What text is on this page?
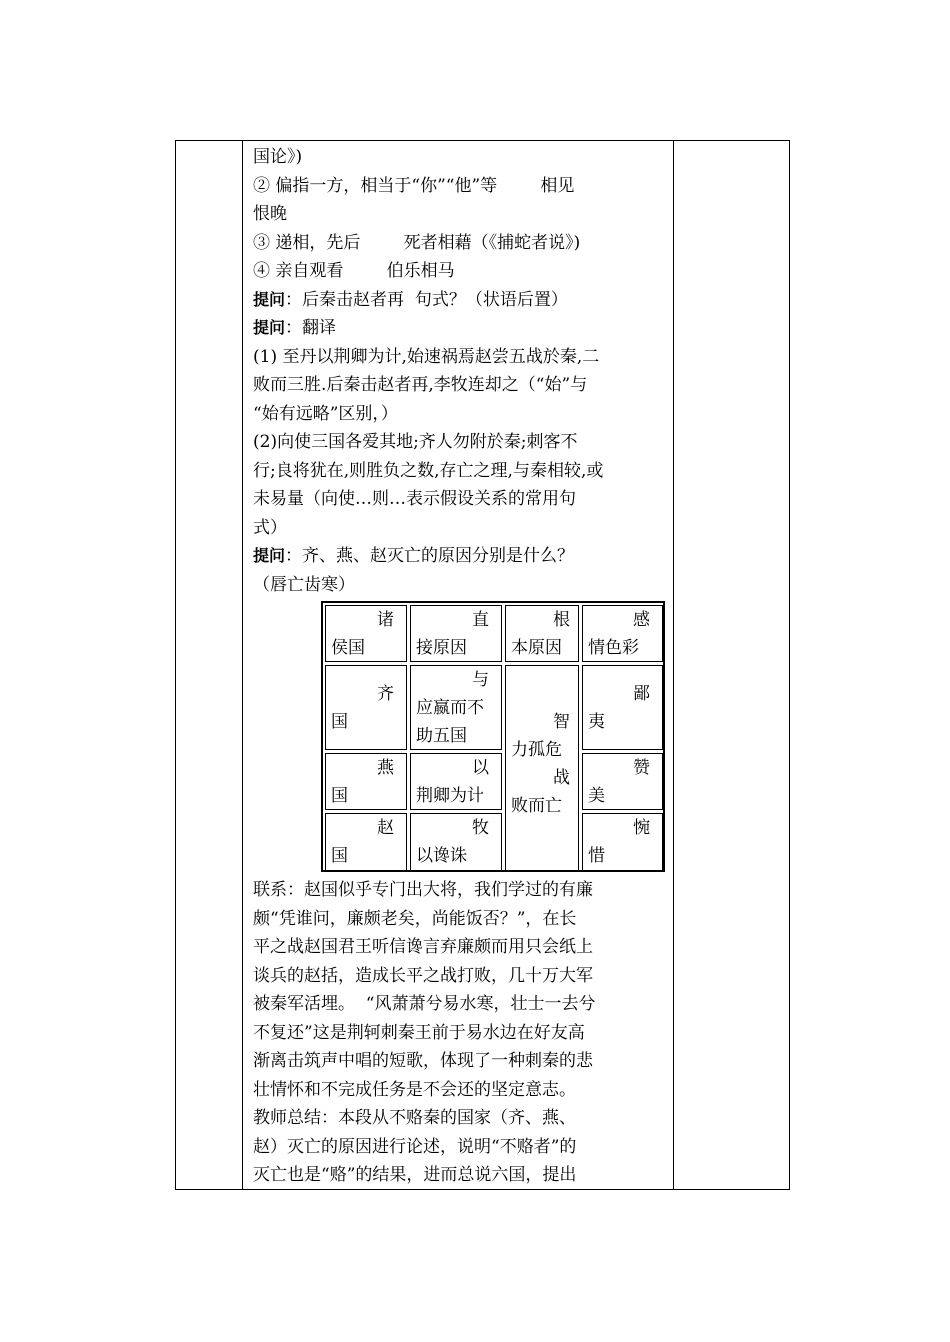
国论》)
② 偏指一方，相当于“你”“他”等        相见
恨晚
③ 递相，先后        死者相藉（《捕蛇者说》)
④ 亲自观看        伯乐相马
提问：后秦击赵者再  句式？（状语后置）
提问：翻译
(1) 至丹以荆卿为计,始速祸焉赵尝五战於秦,二
败而三胜.后秦击赵者再,李牧连却之（“始”与
“始有远略”区别，）
(2)向使三国各爱其地;齐人勿附於秦;刺客不
行;良将犹在,则胜负之数,存亡之理,与秦相较,或
未易量（向使…则…表示假设关系的常用句
式）
提问：齐、燕、赵灭亡的原因分别是什么？
（唇亡齿寒）
诸
侯国
直
接原因
根
本原因
感
情色彩
齐
国
与
应嬴而不
助五国
智
力孤危
战
败而亡
鄙
夷
燕
国
以
荆卿为计
赞
美
赵
国
牧
以谗诛
惋
惜
联系：赵国似乎专门出大将，我们学过的有廉
颇“凭谁问，廉颇老矣，尚能饭否？”，在长
平之战赵国君王听信谗言弃廉颇而用只会纸上
谈兵的赵括，造成长平之战打败，几十万大军
被秦军活埋。  “风萧萧兮易水寒，壮士一去兮
不复还”这是荆轲刺秦王前于易水边在好友高
渐离击筑声中唱的短歌，体现了一种刺秦的悲
壮情怀和不完成任务是不会还的坚定意志。
教师总结：本段从不赂秦的国家（齐、燕、
赵）灭亡的原因进行论述，说明“不赂者”的
灭亡也是“赂”的结果，进而总说六国，提出
